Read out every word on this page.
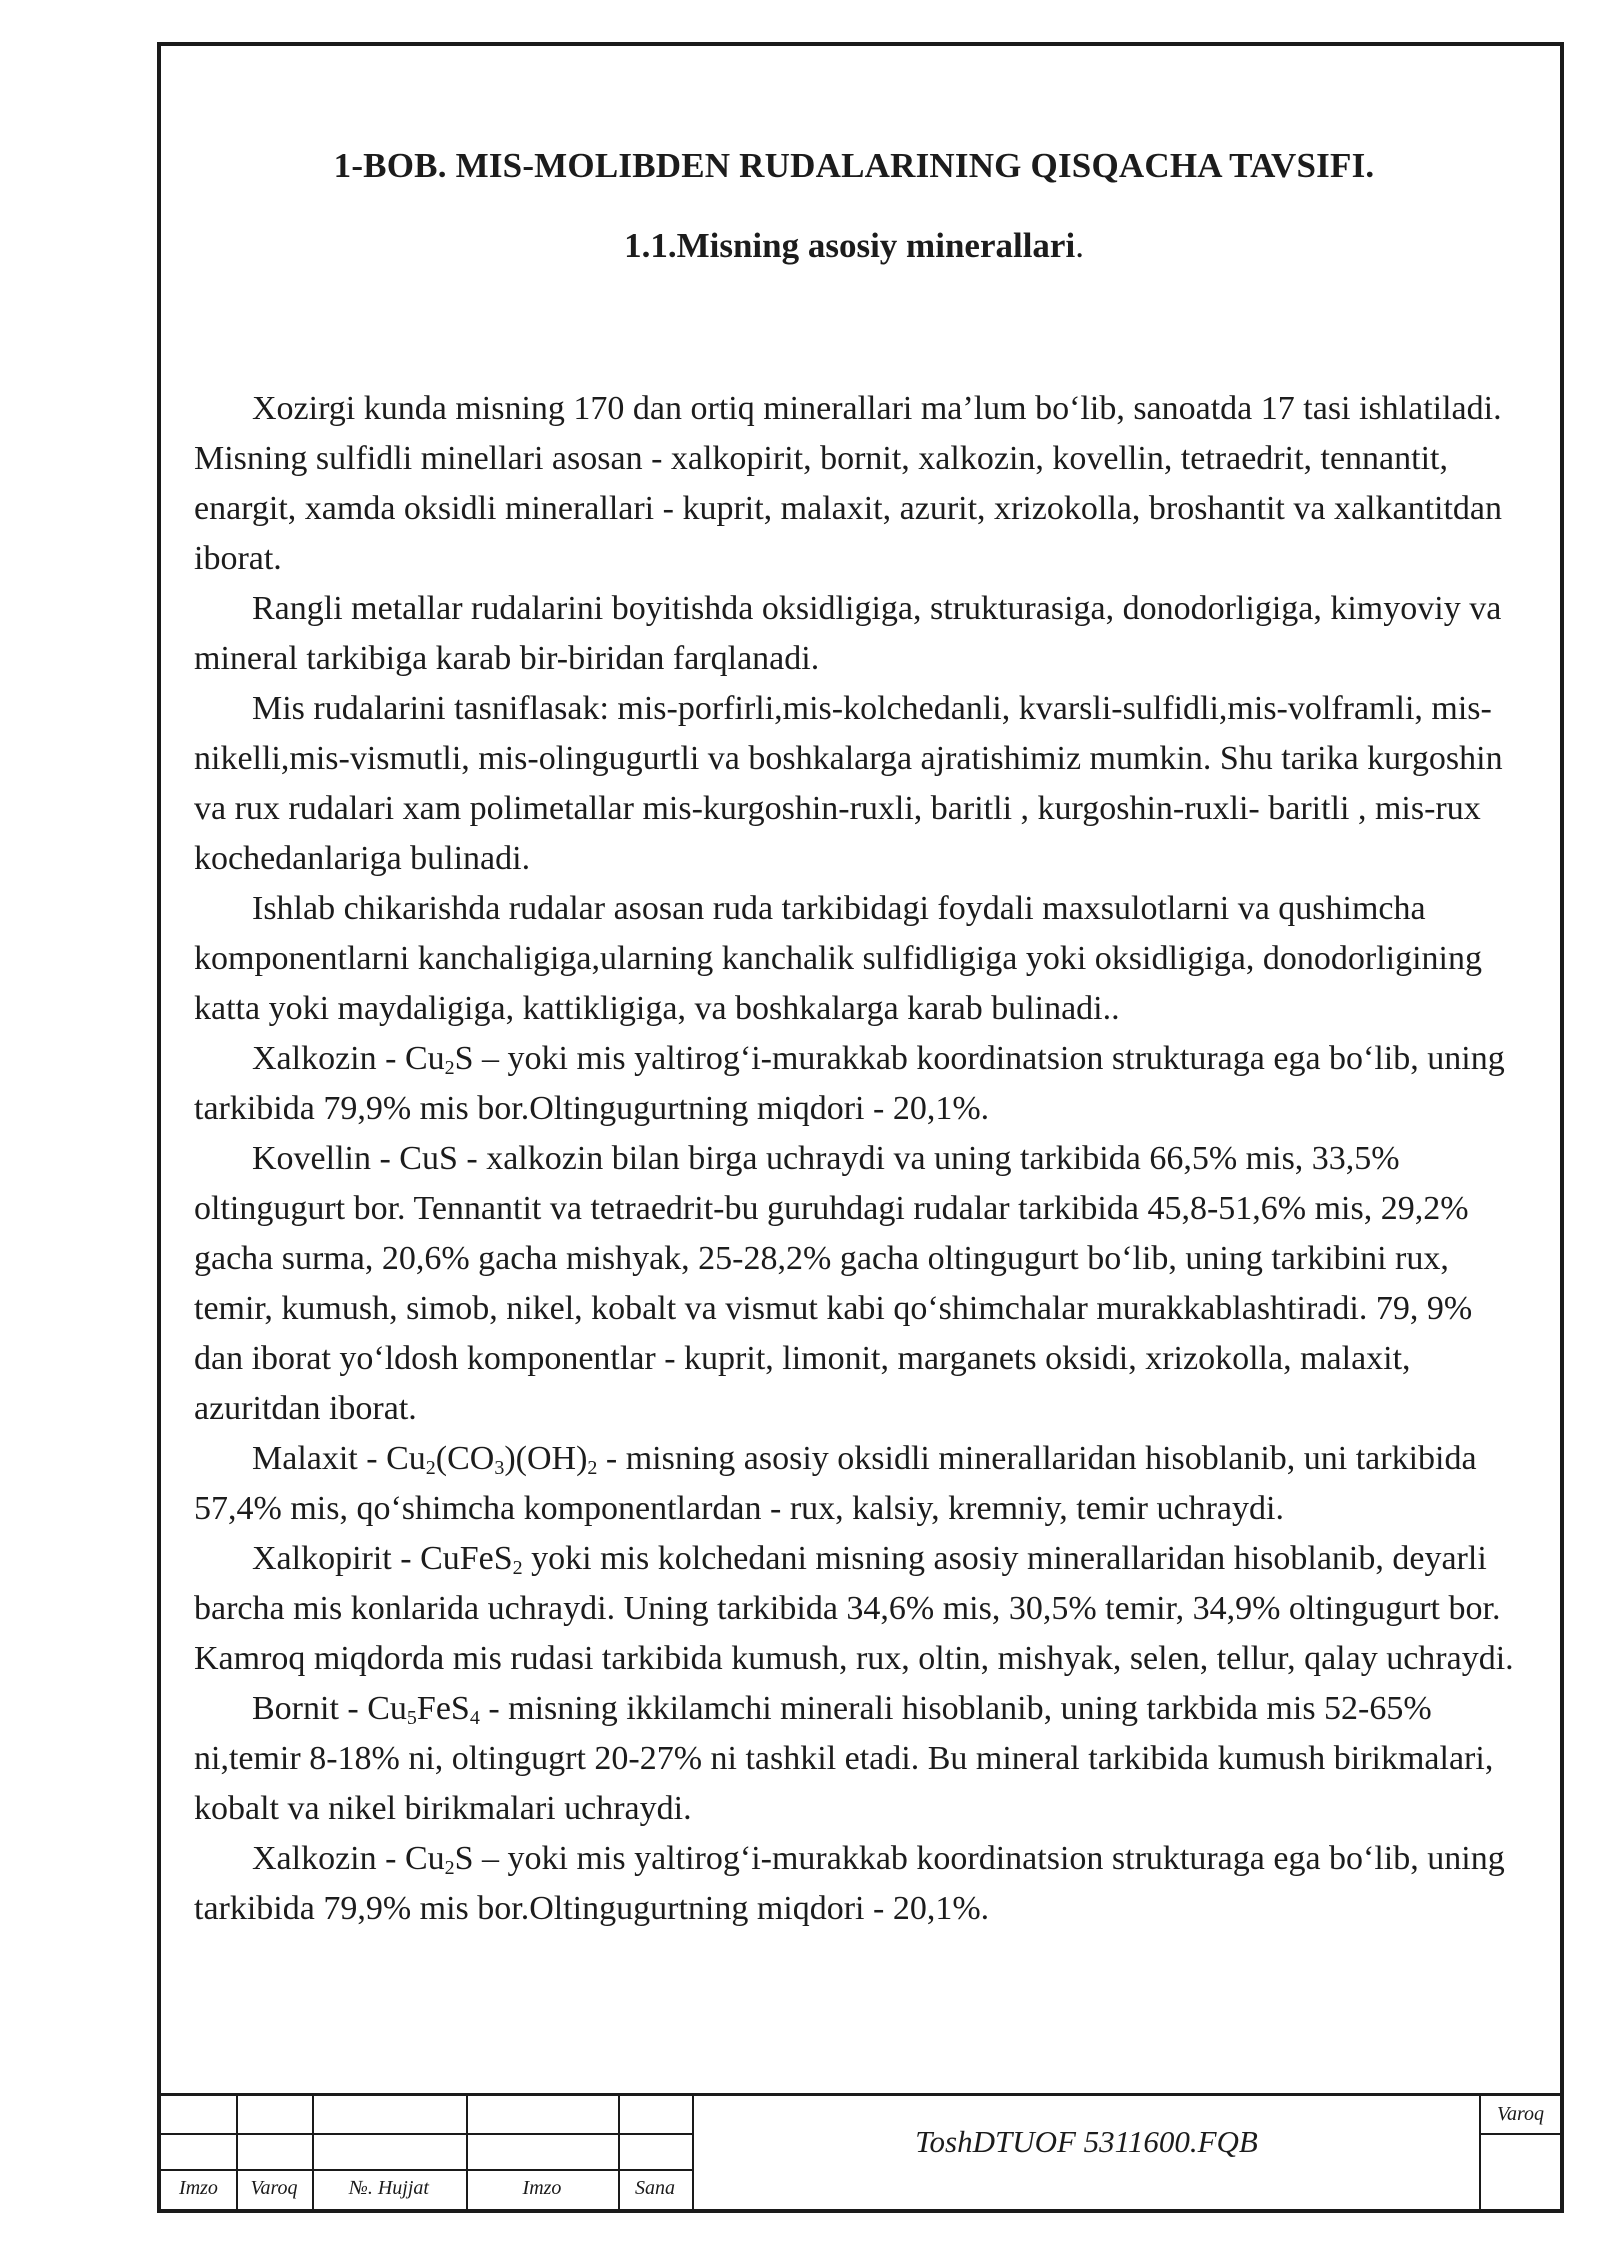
1-BOB. MIS-MOLIBDEN RUDALARINING QISQACHA TAVSIFI.

1.1.Misning asosiy minerallari.

Xozirgi kunda misning 170 dan ortiq minerallari ma’lum bo‘lib, sanoatda 17 tasi ishlatiladi. Misning sulfidli minellari asosan - xalkopirit, bornit, xalkozin, kovellin, tetraedrit, tennantit, enargit, xamda oksidli minerallari - kuprit, malaxit, azurit, xrizokolla, broshantit va xalkantitdan iborat.

Rangli metallar rudalarini boyitishda oksidligiga, strukturasiga, donodorligiga, kimyoviy va mineral tarkibiga karab bir-biridan farqlanadi.

Mis rudalarini tasniflasak: mis-porfirli,mis-kolchedanli, kvarsli-sulfidli,mis-volframli, mis-nikelli,mis-vismutli, mis-olingugurtli va boshkalarga ajratishimiz mumkin. Shu tarika kurgoshin va rux rudalari xam polimetallar mis-kurgoshin-ruxli, baritli , kurgoshin-ruxli- baritli , mis-rux kochedanlariga bulinadi.

Ishlab chikarishda rudalar asosan ruda tarkibidagi foydali maxsulotlarni va qushimcha komponentlarni kanchaligiga,ularning kanchalik sulfidligiga yoki oksidligiga, donodorligining katta yoki maydaligiga, kattikligiga, va boshkalarga karab bulinadi..

Xalkozin - $Cu_2S$ – yoki mis yaltirog‘i-murakkab koordinatsion strukturaga ega bo‘lib, uning tarkibida 79,9% mis bor.Oltingugurtning miqdori - 20,1%.

Kovellin - CuS - xalkozin bilan birga uchraydi va uning tarkibida 66,5% mis, 33,5% oltingugurt bor. Tennantit va tetraedrit-bu guruhdagi rudalar tarkibida 45,8-51,6% mis, 29,2% gacha surma, 20,6% gacha mishyak, 25-28,2% gacha oltingugurt bo‘lib, uning tarkibini rux, temir, kumush, simob, nikel, kobalt va vismut kabi qo‘shimchalar murakkablashtiradi. 79, 9% dan iborat yo‘ldosh komponentlar - kuprit, limonit, marganets oksidi, xrizokolla, malaxit, azuritdan iborat.

Malaxit - $Cu_2(CO_3)(OH)_2$ - misning asosiy oksidli minerallaridan hisoblanib, uni tarkibida 57,4% mis, qo‘shimcha komponentlardan - rux, kalsiy, kremniy, temir uchraydi.

Xalkopirit - CuFeS$_2$ yoki mis kolchedani misning asosiy minerallaridan hisoblanib, deyarli barcha mis konlarida uchraydi. Uning tarkibida 34,6% mis, 30,5% temir, 34,9% oltingugurt bor. Kamroq miqdorda mis rudasi tarkibida kumush, rux, oltin, mishyak, selen, tellur, qalay uchraydi.

Bornit - $Cu_5FeS_4$ - misning ikkilamchi minerali hisoblanib, uning tarkbida mis 52-65% ni,temir 8-18% ni, oltingugrt 20-27% ni tashkil etadi. Bu mineral tarkibida kumush birikmalari, kobalt va nikel birikmalari uchraydi.

Xalkozin - $Cu_2S$ – yoki mis yaltirog‘i-murakkab koordinatsion strukturaga ega bo‘lib, uning tarkibida 79,9% mis bor.Oltingugurtning miqdori - 20,1%.

Imzo	Varoq	№. Hujjat	Imzo	Sana
ToshDTUOF 5311600.FQB
Varoq
